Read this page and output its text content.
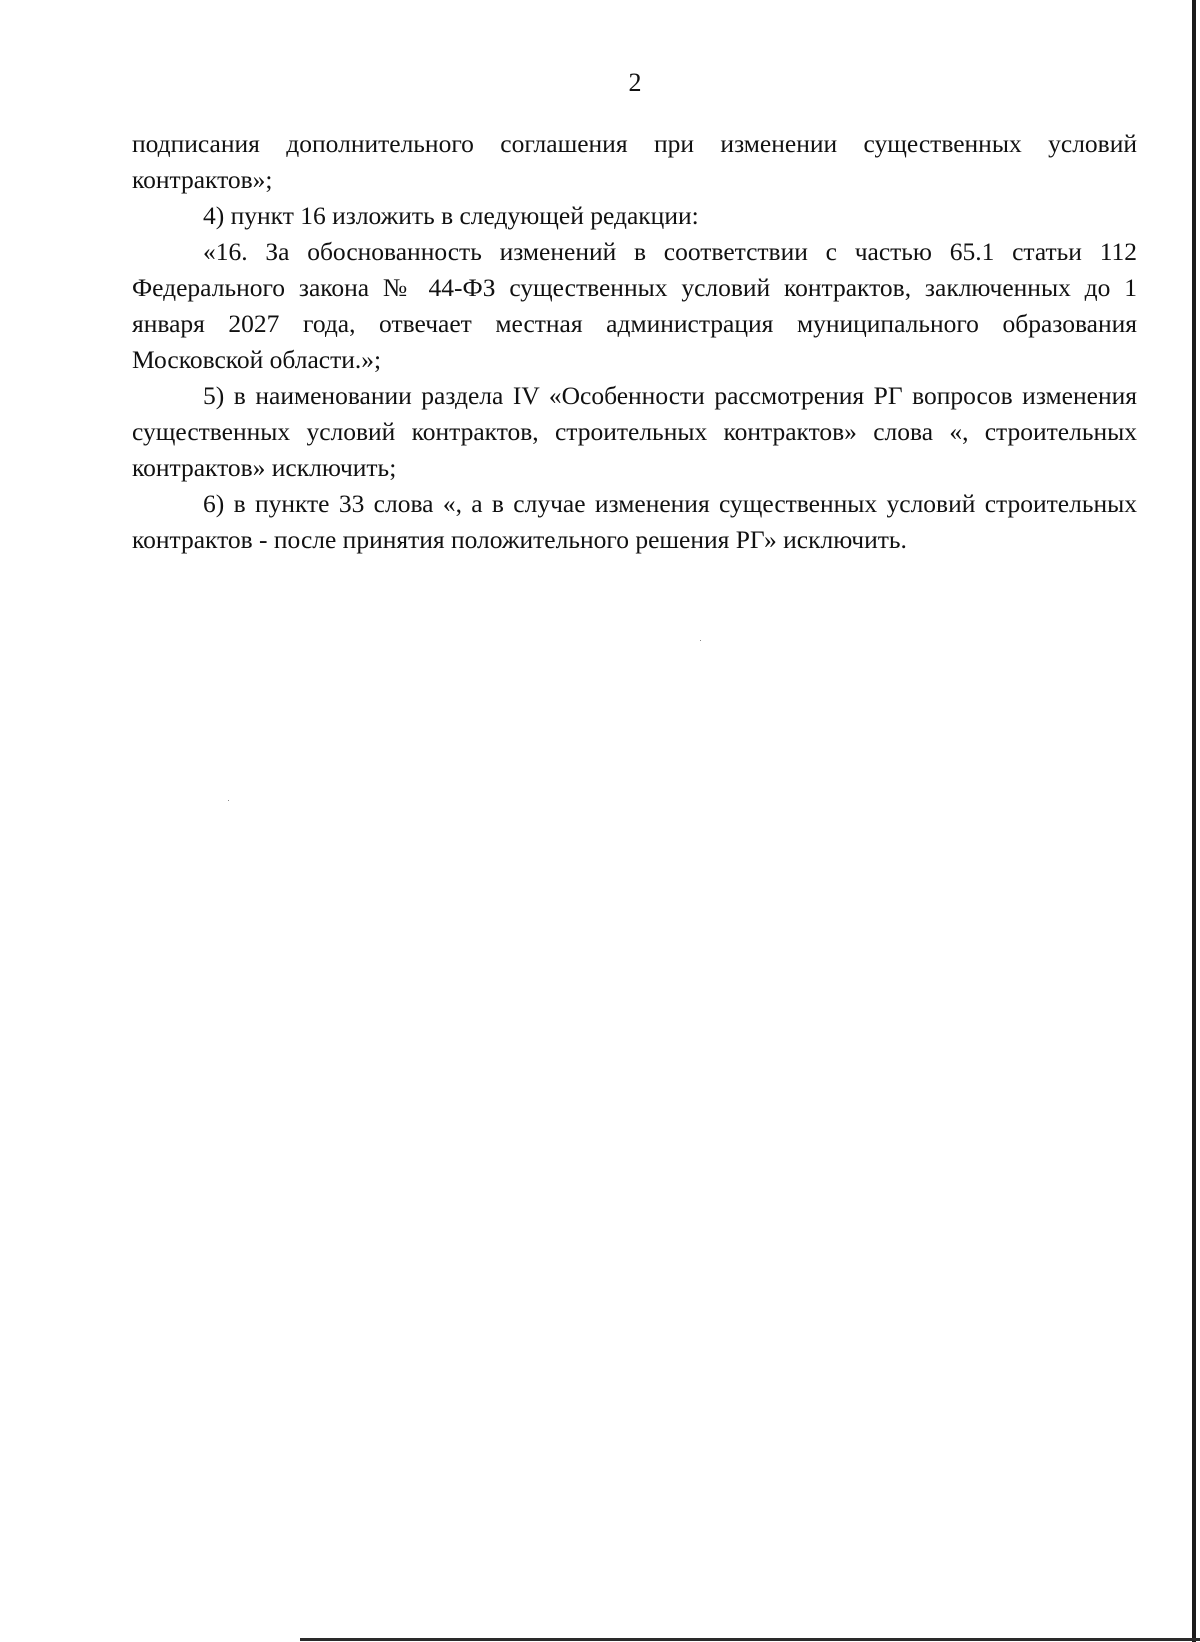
2

подписания дополнительного соглашения при изменении существенных условий контрактов»;

4) пункт 16 изложить в следующей редакции:

«16. За обоснованность изменений в соответствии с частью 65.1 статьи 112 Федерального закона № 44-ФЗ существенных условий контрактов, заключенных до 1 января 2027 года, отвечает местная администрация муниципального образования Московской области.»;

5) в наименовании раздела IV «Особенности рассмотрения РГ вопросов изменения существенных условий контрактов, строительных контрактов» слова «, строительных контрактов» исключить;

6) в пункте 33 слова «, а в случае изменения существенных условий строительных контрактов - после принятия положительного решения РГ» исключить.
